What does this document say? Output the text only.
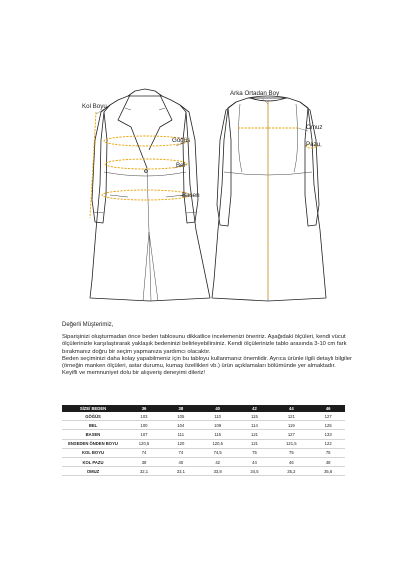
Kol Boyu
Göğüs
Bel
Basen
Arka Ortadan Boy
Omuz
Pazu

Değerli Müşterimiz,

Siparişinizi oluşturmadan önce beden tablosunu dikkatlice incelemenizi öneririz. Aşağıdaki ölçüleri, kendi vücut ölçülerinizle karşılaştırarak yaklaşık bedeninizi belirleyebilirsiniz. Kendi ölçülerinizle tablo arasında 3-10 cm fark bırakmanız doğru bir seçim yapmanıza yardımcı olacaktır.

Beden seçiminizi daha kolay yapabilmeniz için bu tabloyu kullanmanız önemlidir. Ayrıca ürünle ilgili detaylı bilgiler (örneğin manken ölçüleri, astar durumu, kumaş özellikleri vb.) ürün açıklamaları bölümünde yer almaktadır.

Keyifli ve memnuniyet dolu bir alışveriş deneyimi dileriz!

SİZE/ BEDEN	36	38	40	42	44	46
GÖĞÜS	103	105	110	115	121	127
BEL	100	104	109	114	119	125
BASEN	107	111	115	121	127	133
ENSEDEN ÖNDEN BOYU	120,5	120	120,5	121	121,5	122
KOL BOYU	74	74	74,5	75	75	75
KOL PAZU	38	40	42	44	46	48
OMUZ	32,1	33,1	33,8	34,5	35,2	35,6
